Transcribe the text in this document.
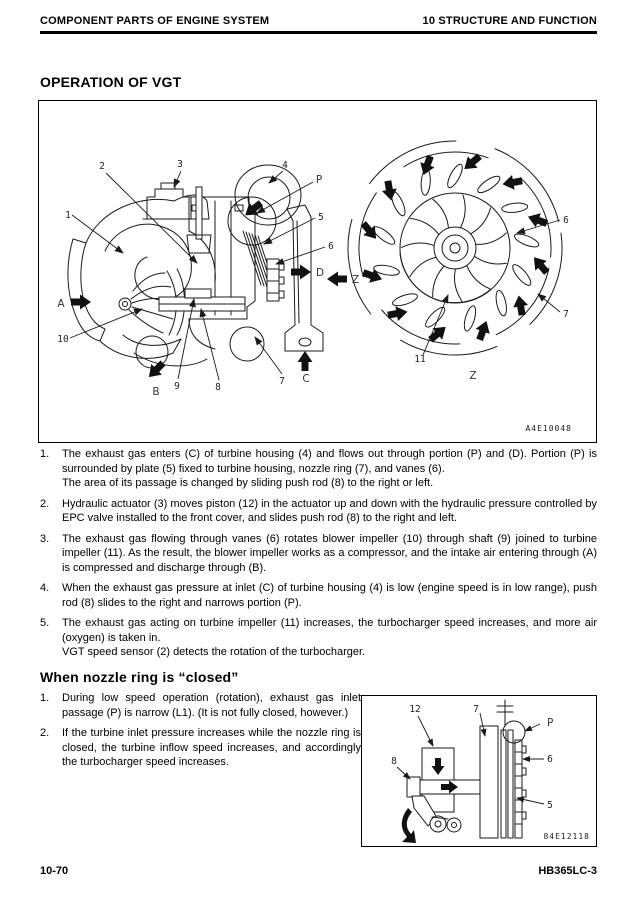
COMPONENT PARTS OF ENGINE SYSTEM	10 STRUCTURE AND FUNCTION
OPERATION OF VGT
1
2	3	4
P
5
6
10
9	8
7
A
B
C
D
Z
6
7
11
Z
A4E10048
1.	The exhaust gas enters (C) of turbine housing (4) and flows out through portion (P) and (D). Portion (P) is surrounded by plate (5) fixed to turbine housing, nozzle ring (7), and vanes (6).
The area of its passage is changed by sliding push rod (8) to the right or left.
2.	Hydraulic actuator (3) moves piston (12) in the actuator up and down with the hydraulic pressure controlled by EPC valve installed to the front cover, and slides push rod (8) to the right and left.
3.	The exhaust gas flowing through vanes (6) rotates blower impeller (10) through shaft (9) joined to turbine impeller (11). As the result, the blower impeller works as a compressor, and the intake air entering through (A) is compressed and discharge through (B).
4.	When the exhaust gas pressure at inlet (C) of turbine housing (4) is low (engine speed is in low range), push rod (8) slides to the right and narrows portion (P).
5.	The exhaust gas acting on turbine impeller (11) increases, the turbocharger speed increases, and more air (oxygen) is taken in.
VGT speed sensor (2) detects the rotation of the turbocharger.
When nozzle ring is “closed”
1.	During low speed operation (rotation), exhaust gas inlet passage (P) is narrow (L1). (It is not fully closed, however.)
2.	If the turbine inlet pressure increases while the nozzle ring is closed, the turbine inflow speed increases, and accordingly the turbocharger speed increases.
12
8
7
P
6
5
84E12118
10-70	HB365LC-3
